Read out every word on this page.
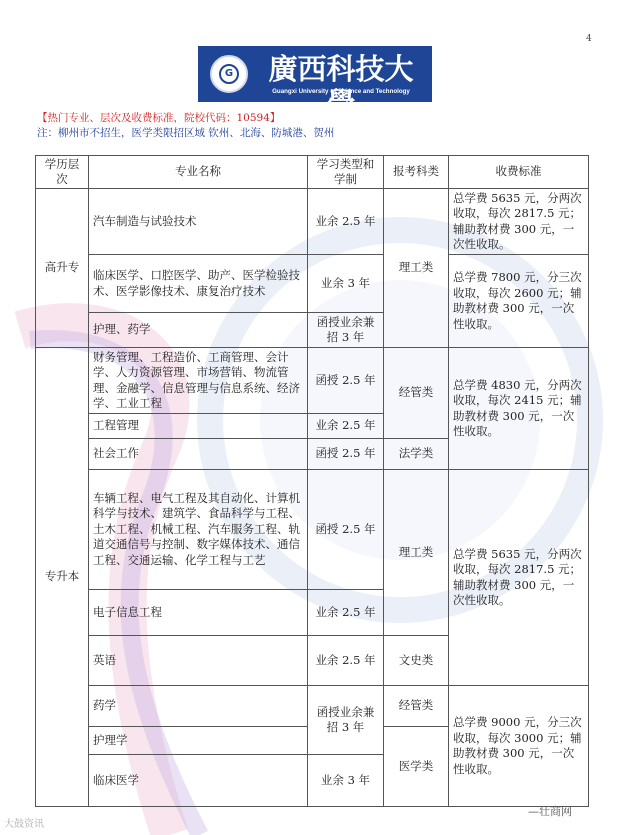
4
G	廣西科技大學
Guangxi University of Science and Technology
【热门专业、层次及收费标准，院校代码：10594】
注：柳州市不招生，医学类限招区域 钦州、北海、防城港、贺州
学历层次	专业名称	学习类型和学制	报考科类	收费标准
高升专	汽车制造与试验技术	业余 2.5 年	理工类	总学费 5635 元，分两次收取，每次 2817.5 元；辅助教材费 300 元，一次性收取。
	临床医学、口腔医学、助产、医学检验技术、医学影像技术、康复治疗技术	业余 3 年		总学费 7800 元，分三次收取，每次 2600 元；辅助教材费 300 元，一次性收取。
	护理、药学	函授业余兼招 3 年		
专升本	财务管理、工程造价、工商管理、会计学、人力资源管理、市场营销、物流管理、金融学、信息管理与信息系统、经济学、工业工程	函授 2.5 年	经管类	总学费 4830 元，分两次收取，每次 2415 元；辅助教材费 300 元，一次性收取。
	工程管理	业余 2.5 年		
	社会工作	函授 2.5 年	法学类	
	车辆工程、电气工程及其自动化、计算机科学与技术、建筑学、食品科学与工程、土木工程、机械工程、汽车服务工程、轨道交通信号与控制、数字媒体技术、通信工程、交通运输、化学工程与工艺	函授 2.5 年	理工类	总学费 5635 元，分两次收取，每次 2817.5 元；辅助教材费 300 元，一次性收取。
	电子信息工程	业余 2.5 年		
	英语	业余 2.5 年	文史类	
	药学	函授业余兼招 3 年	经管类	总学费 9000 元，分三次收取，每次 3000 元；辅助教材费 300 元，一次性收取。
	护理学		医学类	
	临床医学	业余 3 年		
大鼓资讯
—壮商网
